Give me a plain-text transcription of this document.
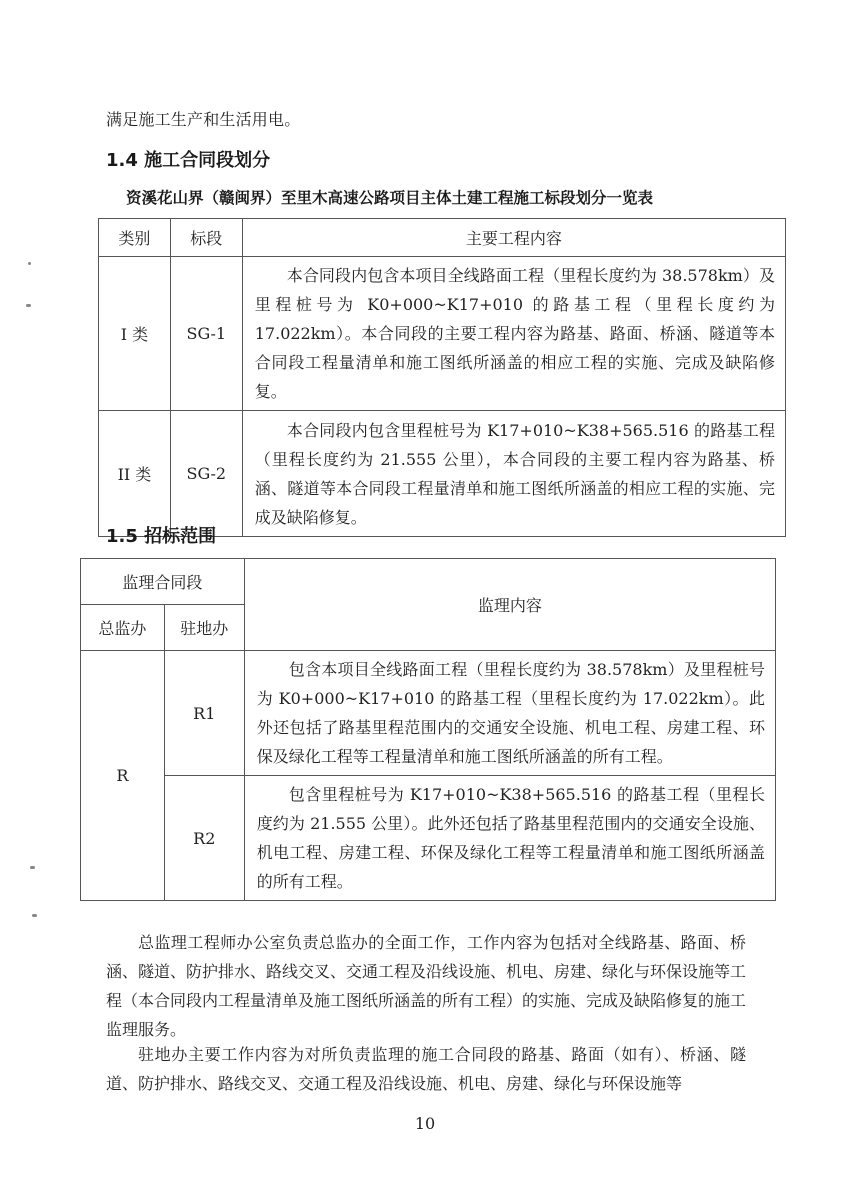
满足施工生产和生活用电。
1.4 施工合同段划分
资溪花山界（赣闽界）至里木高速公路项目主体土建工程施工标段划分一览表
类别	标段	主要工程内容
I 类	SG-1	本合同段内包含本项目全线路面工程（里程长度约为 38.578km）及里程桩号为 K0+000~K17+010 的路基工程（里程长度约为 17.022km）。本合同段的主要工程内容为路基、路面、桥涵、隧道等本合同段工程量清单和施工图纸所涵盖的相应工程的实施、完成及缺陷修复。
II 类	SG-2	本合同段内包含里程桩号为 K17+010~K38+565.516 的路基工程（里程长度约为 21.555 公里），本合同段的主要工程内容为路基、桥涵、隧道等本合同段工程量清单和施工图纸所涵盖的相应工程的实施、完成及缺陷修复。
1.5 招标范围
监理合同段		监理内容
总监办	驻地办	
R	R1	包含本项目全线路面工程（里程长度约为 38.578km）及里程桩号为 K0+000~K17+010 的路基工程（里程长度约为 17.022km）。此外还包括了路基里程范围内的交通安全设施、机电工程、房建工程、环保及绿化工程等工程量清单和施工图纸所涵盖的所有工程。
	R2	包含里程桩号为 K17+010~K38+565.516 的路基工程（里程长度约为 21.555 公里）。此外还包括了路基里程范围内的交通安全设施、机电工程、房建工程、环保及绿化工程等工程量清单和施工图纸所涵盖的所有工程。
总监理工程师办公室负责总监办的全面工作，工作内容为包括对全线路基、路面、桥涵、隧道、防护排水、路线交叉、交通工程及沿线设施、机电、房建、绿化与环保设施等工程（本合同段内工程量清单及施工图纸所涵盖的所有工程）的实施、完成及缺陷修复的施工监理服务。
驻地办主要工作内容为对所负责监理的施工合同段的路基、路面（如有）、桥涵、隧道、防护排水、路线交叉、交通工程及沿线设施、机电、房建、绿化与环保设施等
10
